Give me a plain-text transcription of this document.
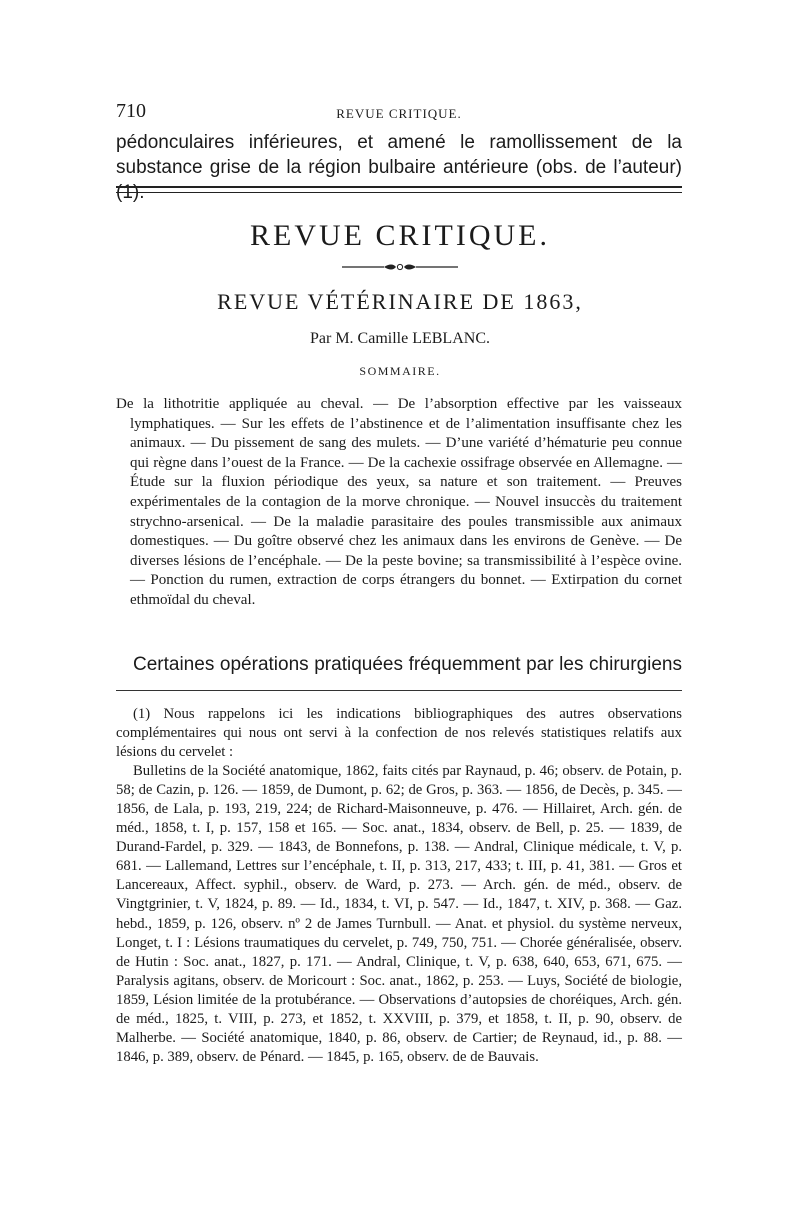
710	REVUE CRITIQUE.

pédonculaires inférieures, et amené le ramollissement de la substance grise de la région bulbaire antérieure (obs. de l’auteur) (1).

REVUE CRITIQUE.
REVUE VÉTÉRINAIRE DE 1863,
Par M. Camille LEBLANC.
SOMMAIRE.

De la lithotritie appliquée au cheval. — De l’absorption effective par les vaisseaux lymphatiques. — Sur les effets de l’abstinence et de l’alimentation insuffisante chez les animaux. — Du pissement de sang des mulets. — D’une variété d’hématurie peu connue qui règne dans l’ouest de la France. — De la cachexie ossifrage observée en Allemagne. — Étude sur la fluxion périodique des yeux, sa nature et son traitement. — Preuves expérimentales de la contagion de la morve chronique. — Nouvel insuccès du traitement strychno-arsenical. — De la maladie parasitaire des poules transmissible aux animaux domestiques. — Du goître observé chez les animaux dans les environs de Genève. — De diverses lésions de l’encéphale. — De la peste bovine; sa transmissibilité à l’espèce ovine. — Ponction du rumen, extraction de corps étrangers du bonnet. — Extirpation du cornet ethmoïdal du cheval.

Certaines opérations pratiquées fréquemment par les chirurgiens

(1) Nous rappelons ici les indications bibliographiques des autres observations complémentaires qui nous ont servi à la confection de nos relevés statistiques relatifs aux lésions du cervelet :

Bulletins de la Société anatomique, 1862, faits cités par Raynaud, p. 46; observ. de Potain, p. 58; de Cazin, p. 126. — 1859, de Dumont, p. 62; de Gros, p. 363. — 1856, de Decès, p. 345. — 1856, de Lala, p. 193, 219, 224; de Richard-Maisonneuve, p. 476. — Hillairet, Arch. gén. de méd., 1858, t. I, p. 157, 158 et 165. — Soc. anat., 1834, observ. de Bell, p. 25. — 1839, de Durand-Fardel, p. 329. — 1843, de Bonnefons, p. 138. — Andral, Clinique médicale, t. V, p. 681. — Lallemand, Lettres sur l’encéphale, t. II, p. 313, 217, 433; t. III, p. 41, 381. — Gros et Lancereaux, Affect. syphil., observ. de Ward, p. 273. — Arch. gén. de méd., observ. de Vingtgrinier, t. V, 1824, p. 89. — Id., 1834, t. VI, p. 547. — Id., 1847, t. XIV, p. 368. — Gaz. hebd., 1859, p. 126, observ. nº 2 de James Turnbull. — Anat. et physiol. du système nerveux, Longet, t. I : Lésions traumatiques du cervelet, p. 749, 750, 751. — Chorée généralisée, observ. de Hutin : Soc. anat., 1827, p. 171. — Andral, Clinique, t. V, p. 638, 640, 653, 671, 675. — Paralysis agitans, observ. de Moricourt : Soc. anat., 1862, p. 253. — Luys, Société de biologie, 1859, Lésion limitée de la protubérance. — Observations d’autopsies de choréiques, Arch. gén. de méd., 1825, t. VIII, p. 273, et 1852, t. XXVIII, p. 379, et 1858, t. II, p. 90, observ. de Malherbe. — Société anatomique, 1840, p. 86, observ. de Cartier; de Reynaud, id., p. 88. — 1846, p. 389, observ. de Pénard. — 1845, p. 165, observ. de de Bauvais.
